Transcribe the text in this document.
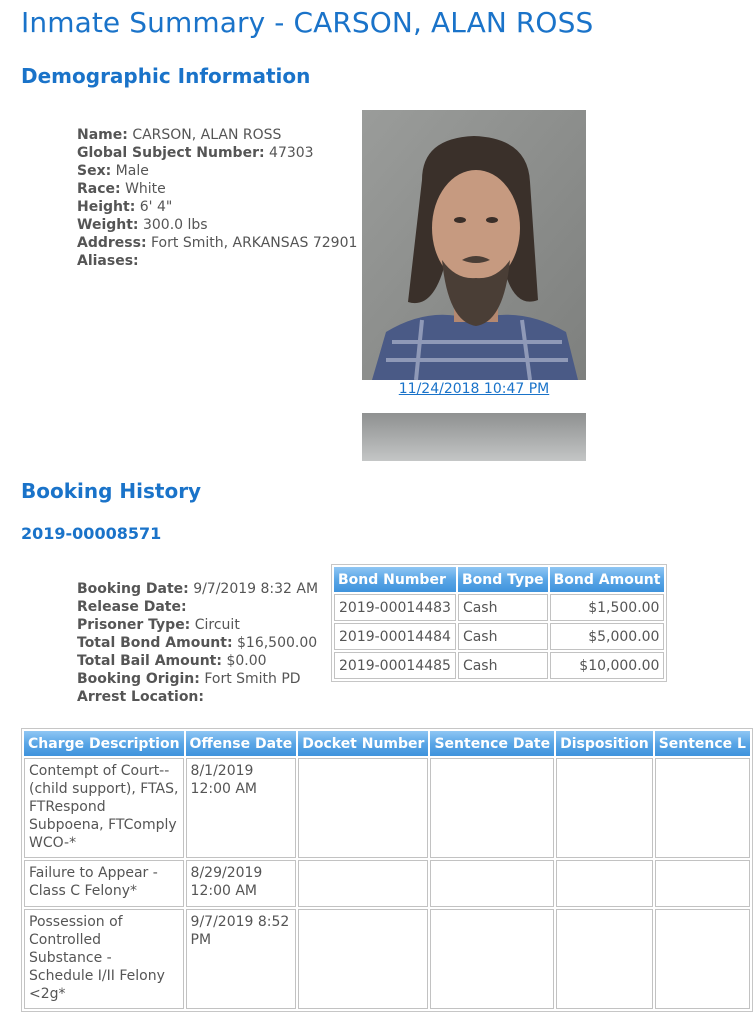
Inmate Summary - CARSON, ALAN ROSS
Demographic Information
Name: CARSON, ALAN ROSS
Global Subject Number: 47303
Sex: Male
Race: White
Height: 6' 4"
Weight: 300.0 lbs
Address: Fort Smith, ARKANSAS 72901
Aliases:
11/24/2018 10:47 PM
Booking History
2019-00008571
Booking Date: 9/7/2019 8:32 AM
Release Date:
Prisoner Type: Circuit
Total Bond Amount: $16,500.00
Total Bail Amount: $0.00
Booking Origin: Fort Smith PD
Arrest Location:
Bond Number	Bond Type	Bond Amount
2019-00014483	Cash	$1,500.00
2019-00014484	Cash	$5,000.00
2019-00014485	Cash	$10,000.00
Charge Description	Offense Date	Docket Number	Sentence Date	Disposition	Sentence L
Contempt of Court--(child support), FTAS, FTRespond Subpoena, FTComply WCO-*	8/1/2019 12:00 AM				
Failure to Appear - Class C Felony*	8/29/2019 12:00 AM				
Possession of Controlled Substance - Schedule I/II Felony <2g*	9/7/2019 8:52 PM				
